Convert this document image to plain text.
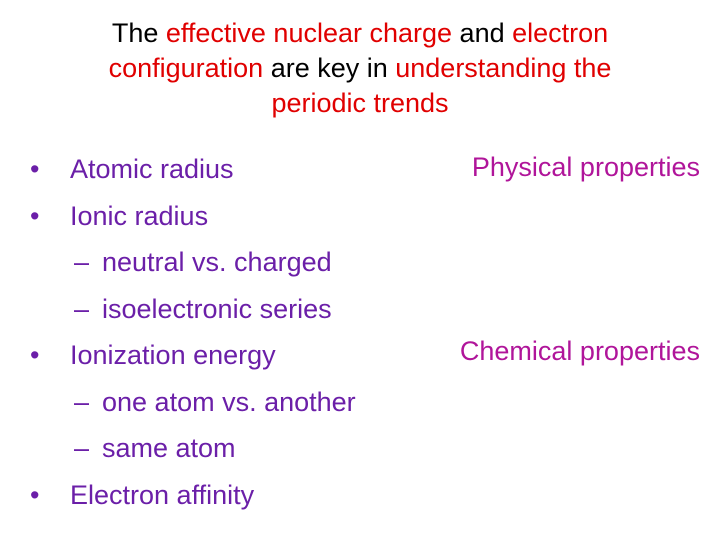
The effective nuclear charge and electron
configuration are key in understanding the
periodic trends
• Atomic radius
• Ionic radius
– neutral vs. charged
– isoelectronic series
• Ionization energy
– one atom vs. another
– same atom
• Electron affinity
Physical properties
Chemical properties
